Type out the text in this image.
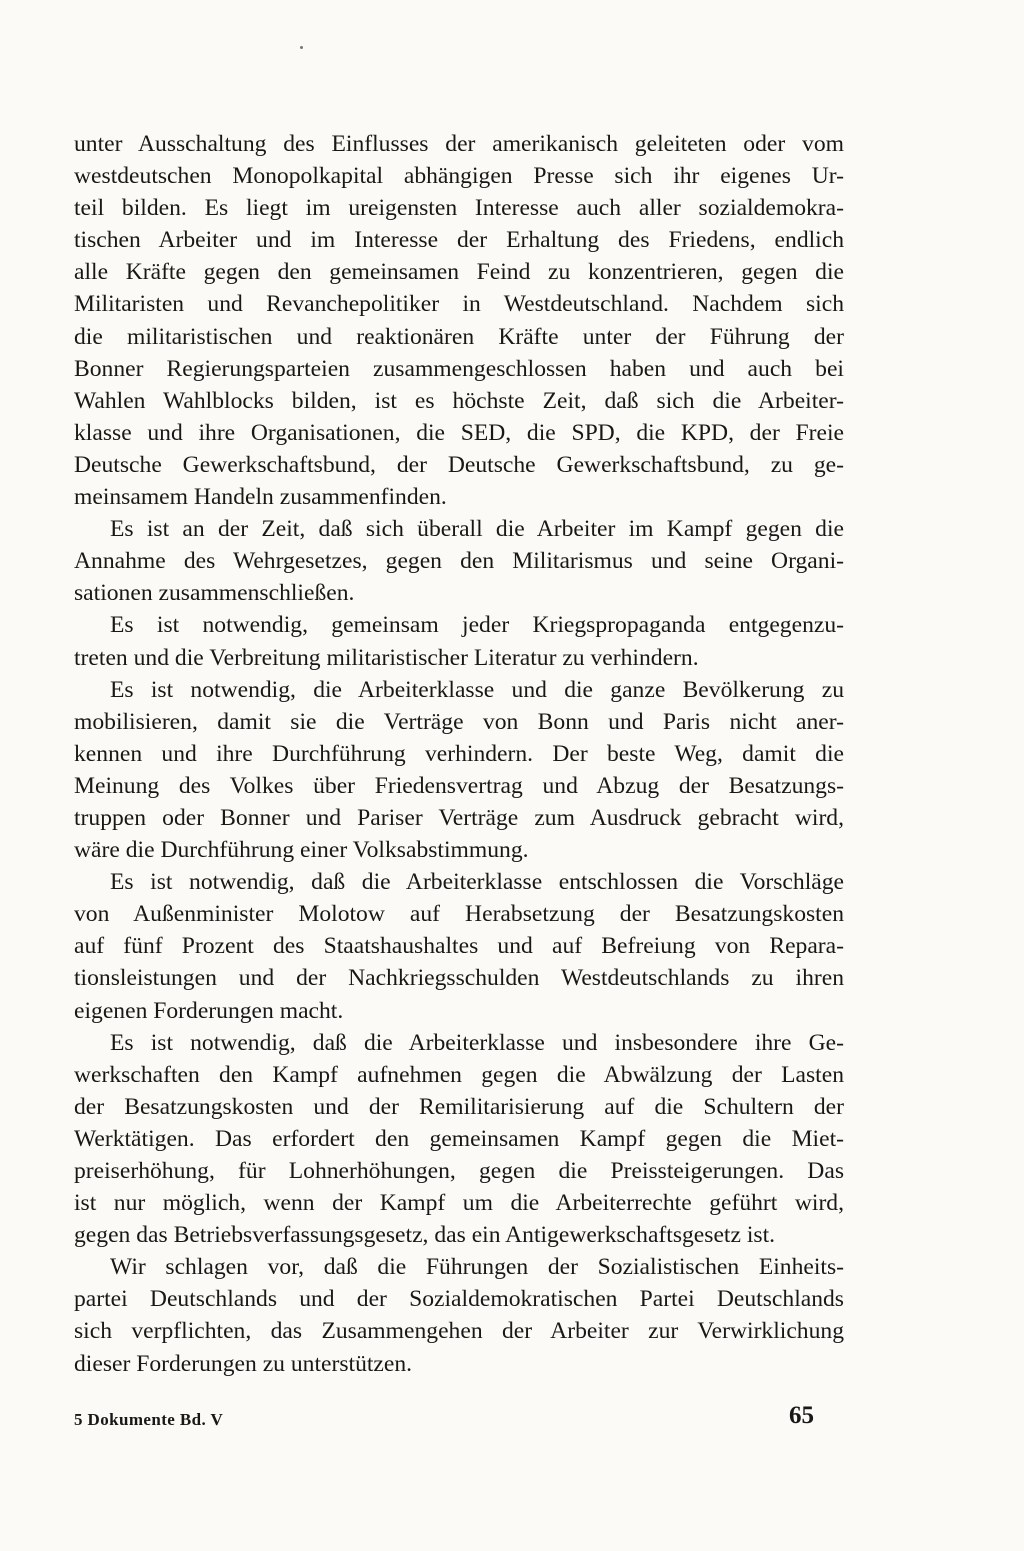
unter Ausschaltung des Einflusses der amerikanisch geleiteten oder vom
westdeutschen Monopolkapital abhängigen Presse sich ihr eigenes Ur-
teil bilden. Es liegt im ureigensten Interesse auch aller sozialdemokra-
tischen Arbeiter und im Interesse der Erhaltung des Friedens, endlich
alle Kräfte gegen den gemeinsamen Feind zu konzentrieren, gegen die
Militaristen und Revanchepolitiker in Westdeutschland. Nachdem sich
die militaristischen und reaktionären Kräfte unter der Führung der
Bonner Regierungsparteien zusammengeschlossen haben und auch bei
Wahlen Wahlblocks bilden, ist es höchste Zeit, daß sich die Arbeiter-
klasse und ihre Organisationen, die SED, die SPD, die KPD, der Freie
Deutsche Gewerkschaftsbund, der Deutsche Gewerkschaftsbund, zu ge-
meinsamem Handeln zusammenfinden.
Es ist an der Zeit, daß sich überall die Arbeiter im Kampf gegen die
Annahme des Wehrgesetzes, gegen den Militarismus und seine Organi-
sationen zusammenschließen.
Es ist notwendig, gemeinsam jeder Kriegspropaganda entgegenzu-
treten und die Verbreitung militaristischer Literatur zu verhindern.
Es ist notwendig, die Arbeiterklasse und die ganze Bevölkerung zu
mobilisieren, damit sie die Verträge von Bonn und Paris nicht aner-
kennen und ihre Durchführung verhindern. Der beste Weg, damit die
Meinung des Volkes über Friedensvertrag und Abzug der Besatzungs-
truppen oder Bonner und Pariser Verträge zum Ausdruck gebracht wird,
wäre die Durchführung einer Volksabstimmung.
Es ist notwendig, daß die Arbeiterklasse entschlossen die Vorschläge
von Außenminister Molotow auf Herabsetzung der Besatzungskosten
auf fünf Prozent des Staatshaushaltes und auf Befreiung von Repara-
tionsleistungen und der Nachkriegsschulden Westdeutschlands zu ihren
eigenen Forderungen macht.
Es ist notwendig, daß die Arbeiterklasse und insbesondere ihre Ge-
werkschaften den Kampf aufnehmen gegen die Abwälzung der Lasten
der Besatzungskosten und der Remilitarisierung auf die Schultern der
Werktätigen. Das erfordert den gemeinsamen Kampf gegen die Miet-
preiserhöhung, für Lohnerhöhungen, gegen die Preissteigerungen. Das
ist nur möglich, wenn der Kampf um die Arbeiterrechte geführt wird,
gegen das Betriebsverfassungsgesetz, das ein Antigewerkschaftsgesetz ist.
Wir schlagen vor, daß die Führungen der Sozialistischen Einheits-
partei Deutschlands und der Sozialdemokratischen Partei Deutschlands
sich verpflichten, das Zusammengehen der Arbeiter zur Verwirklichung
dieser Forderungen zu unterstützen.
5 Dokumente Bd. V	65
